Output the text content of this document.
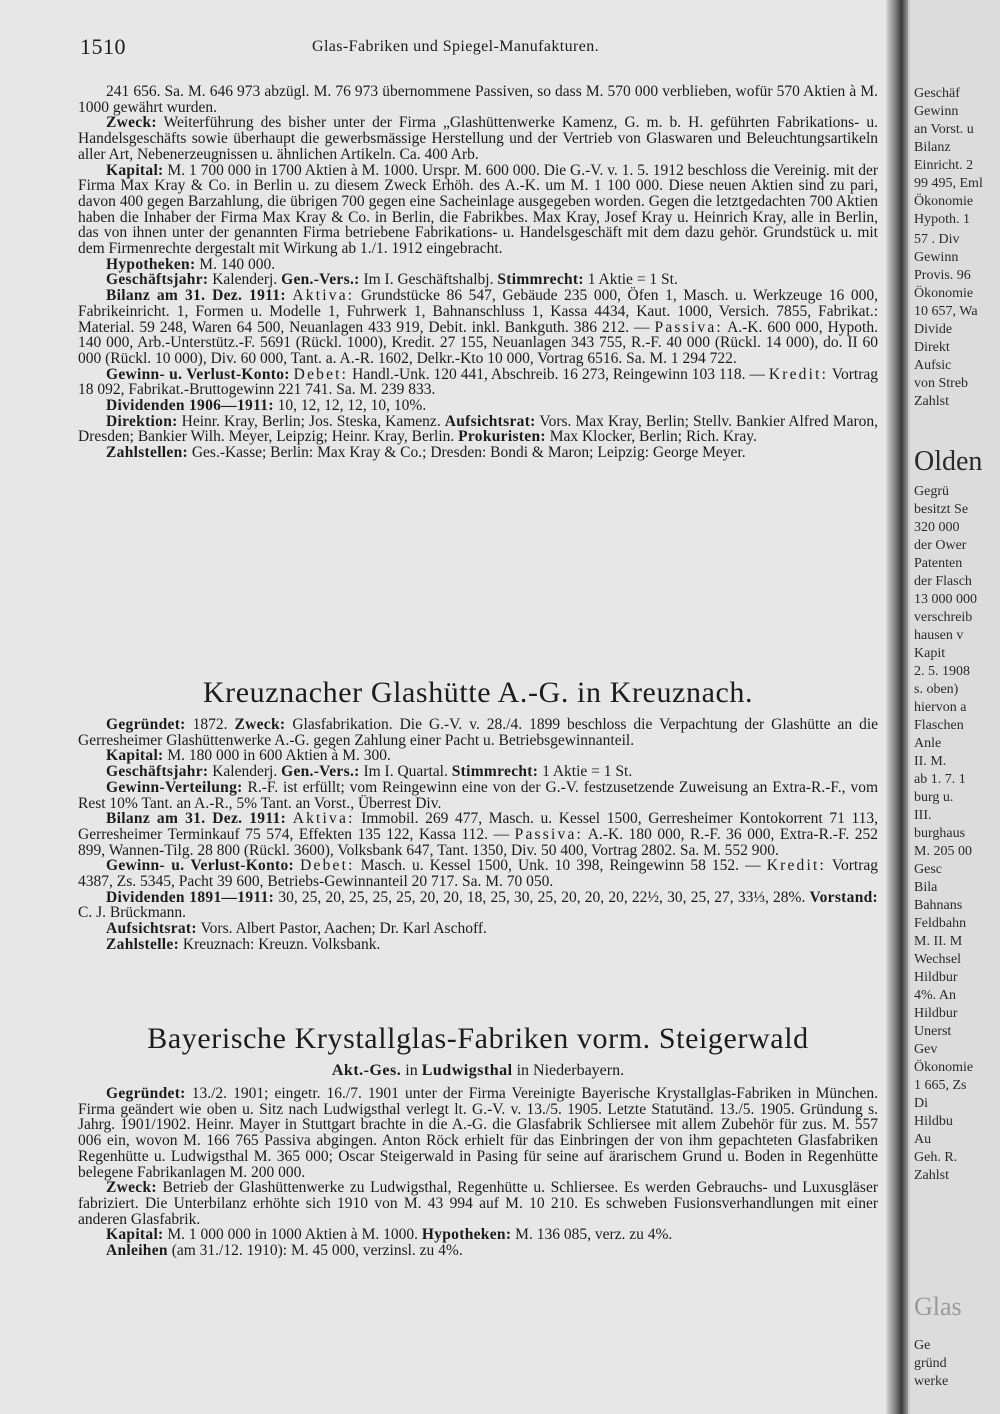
1510	Glas-Fabriken und Spiegel-Manufakturen.

241 656. Sa. M. 646 973 abzügl. M. 76 973 übernommene Passiven, so dass M. 570 000 verblieben, wofür 570 Aktien à M. 1000 gewährt wurden.

Zweck: Weiterführung des bisher unter der Firma „Glashüttenwerke Kamenz, G. m. b. H. geführten Fabrikations- u. Handelsgeschäfts sowie überhaupt die gewerbsmässige Herstellung und der Vertrieb von Glaswaren und Beleuchtungsartikeln aller Art, Nebenerzeugnissen u. ähnlichen Artikeln. Ca. 400 Arb.

Kapital: M. 1 700 000 in 1700 Aktien à M. 1000. Urspr. M. 600 000. Die G.-V. v. 1. 5. 1912 beschloss die Vereinig. mit der Firma Max Kray & Co. in Berlin u. zu diesem Zweck Erhöh. des A.-K. um M. 1 100 000. Diese neuen Aktien sind zu pari, davon 400 gegen Barzahlung, die übrigen 700 gegen eine Sacheinlage ausgegeben worden. Gegen die letztgedachten 700 Aktien haben die Inhaber der Firma Max Kray & Co. in Berlin, die Fabrikbes. Max Kray, Josef Kray u. Heinrich Kray, alle in Berlin, das von ihnen unter der genannten Firma betriebene Fabrikations- u. Handelsgeschäft mit dem dazu gehör. Grundstück u. mit dem Firmenrechte dergestalt mit Wirkung ab 1./1. 1912 eingebracht.

Hypotheken: M. 140 000.

Geschäftsjahr: Kalenderj. Gen.-Vers.: Im I. Geschäftshalbj. Stimmrecht: 1 Aktie = 1 St.

Bilanz am 31. Dez. 1911: Aktiva: Grundstücke 86 547, Gebäude 235 000, Öfen 1, Masch. u. Werkzeuge 16 000, Fabrikeinricht. 1, Formen u. Modelle 1, Fuhrwerk 1, Bahnanschluss 1, Kassa 4434, Kaut. 1000, Versich. 7855, Fabrikat.: Material. 59 248, Waren 64 500, Neuanlagen 433 919, Debit. inkl. Bankguth. 386 212. — Passiva: A.-K. 600 000, Hypoth. 140 000, Arb.-Unterstütz.-F. 5691 (Rückl. 1000), Kredit. 27 155, Neuanlagen 343 755, R.-F. 40 000 (Rückl. 14 000), do. II 60 000 (Rückl. 10 000), Div. 60 000, Tant. a. A.-R. 1602, Delkr.-Kto 10 000, Vortrag 6516. Sa. M. 1 294 722.

Gewinn- u. Verlust-Konto: Debet: Handl.-Unk. 120 441, Abschreib. 16 273, Reingewinn 103 118. — Kredit: Vortrag 18 092, Fabrikat.-Bruttogewinn 221 741. Sa. M. 239 833.

Dividenden 1906—1911: 10, 12, 12, 12, 10, 10%.

Direktion: Heinr. Kray, Berlin; Jos. Steska, Kamenz. Aufsichtsrat: Vors. Max Kray, Berlin; Stellv. Bankier Alfred Maron, Dresden; Bankier Wilh. Meyer, Leipzig; Heinr. Kray, Berlin. Prokuristen: Max Klocker, Berlin; Rich. Kray.

Zahlstellen: Ges.-Kasse; Berlin: Max Kray & Co.; Dresden: Bondi & Maron; Leipzig: George Meyer.

Kreuznacher Glashütte A.-G. in Kreuznach.

Gegründet: 1872. Zweck: Glasfabrikation. Die G.-V. v. 28./4. 1899 beschloss die Verpachtung der Glashütte an die Gerresheimer Glashüttenwerke A.-G. gegen Zahlung einer Pacht u. Betriebsgewinnanteil.

Kapital: M. 180 000 in 600 Aktien à M. 300.

Geschäftsjahr: Kalenderj. Gen.-Vers.: Im I. Quartal. Stimmrecht: 1 Aktie = 1 St.

Gewinn-Verteilung: R.-F. ist erfüllt; vom Reingewinn eine von der G.-V. festzusetzende Zuweisung an Extra-R.-F., vom Rest 10% Tant. an A.-R., 5% Tant. an Vorst., Überrest Div.

Bilanz am 31. Dez. 1911: Aktiva: Immobil. 269 477, Masch. u. Kessel 1500, Gerresheimer Kontokorrent 71 113, Gerresheimer Terminkauf 75 574, Effekten 135 122, Kassa 112. — Passiva: A.-K. 180 000, R.-F. 36 000, Extra-R.-F. 252 899, Wannen-Tilg. 28 800 (Rückl. 3600), Volksbank 647, Tant. 1350, Div. 50 400, Vortrag 2802. Sa. M. 552 900.

Gewinn- u. Verlust-Konto: Debet: Masch. u. Kessel 1500, Unk. 10 398, Reingewinn 58 152. — Kredit: Vortrag 4387, Zs. 5345, Pacht 39 600, Betriebs-Gewinnanteil 20 717. Sa. M. 70 050.

Dividenden 1891—1911: 30, 25, 20, 25, 25, 25, 20, 20, 18, 25, 30, 25, 20, 20, 20, 22½, 30, 25, 27, 33⅓, 28%. Vorstand: C. J. Brückmann.

Aufsichtsrat: Vors. Albert Pastor, Aachen; Dr. Karl Aschoff.

Zahlstelle: Kreuznach: Kreuzn. Volksbank.

Bayerische Krystallglas-Fabriken vorm. Steigerwald
Akt.-Ges. in Ludwigsthal in Niederbayern.

Gegründet: 13./2. 1901; eingetr. 16./7. 1901 unter der Firma Vereinigte Bayerische Krystallglas-Fabriken in München. Firma geändert wie oben u. Sitz nach Ludwigsthal verlegt lt. G.-V. v. 13./5. 1905. Letzte Statutänd. 13./5. 1905. Gründung s. Jahrg. 1901/1902. Heinr. Mayer in Stuttgart brachte in die A.-G. die Glasfabrik Schliersee mit allem Zubehör für zus. M. 557 006 ein, wovon M. 166 765 Passiva abgingen. Anton Röck erhielt für das Einbringen der von ihm gepachteten Glasfabriken Regenhütte u. Ludwigsthal M. 365 000; Oscar Steigerwald in Pasing für seine auf ärarischem Grund u. Boden in Regenhütte belegene Fabrikanlagen M. 200 000.

Zweck: Betrieb der Glashüttenwerke zu Ludwigsthal, Regenhütte u. Schliersee. Es werden Gebrauchs- und Luxusgläser fabriziert. Die Unterbilanz erhöhte sich 1910 von M. 43 994 auf M. 10 210. Es schweben Fusionsverhandlungen mit einer anderen Glasfabrik.

Kapital: M. 1 000 000 in 1000 Aktien à M. 1000. Hypotheken: M. 136 085, verz. zu 4%.

Anleihen (am 31./12. 1910): M. 45 000, verzinsl. zu 4%.

Geschäf
Gewinn
an Vorst. u
Bilanz
Einricht. 2
99 495, Eml
Ökonomie
Hypoth. 1
57 . Div
Gewinn
Provis. 96
Ökonomie
10 657, Wa
Divide
Direkt
Aufsic
von Streb
Zahlst
Olden
Gegrü
besitzt Se
320 000
der Ower
Patenten
der Flasch
13 000 000
verschreib
hausen v
Kapit
2. 5. 1908
s. oben)
hiervon a
Flaschen
Anle
II. M.
ab 1. 7. 1
burg u.
III.
burghaus
M. 205 00
Gesc
Bila
Bahnans
Feldbahn
M. II. M
Wechsel
Hildbur
4%. An
Hildbur
Unerst
Gev
Ökonomie
1 665, Zs
Di
Hildbu
Au
Geh. R.
Zahlst
Glas
Ge
gründ
werke
